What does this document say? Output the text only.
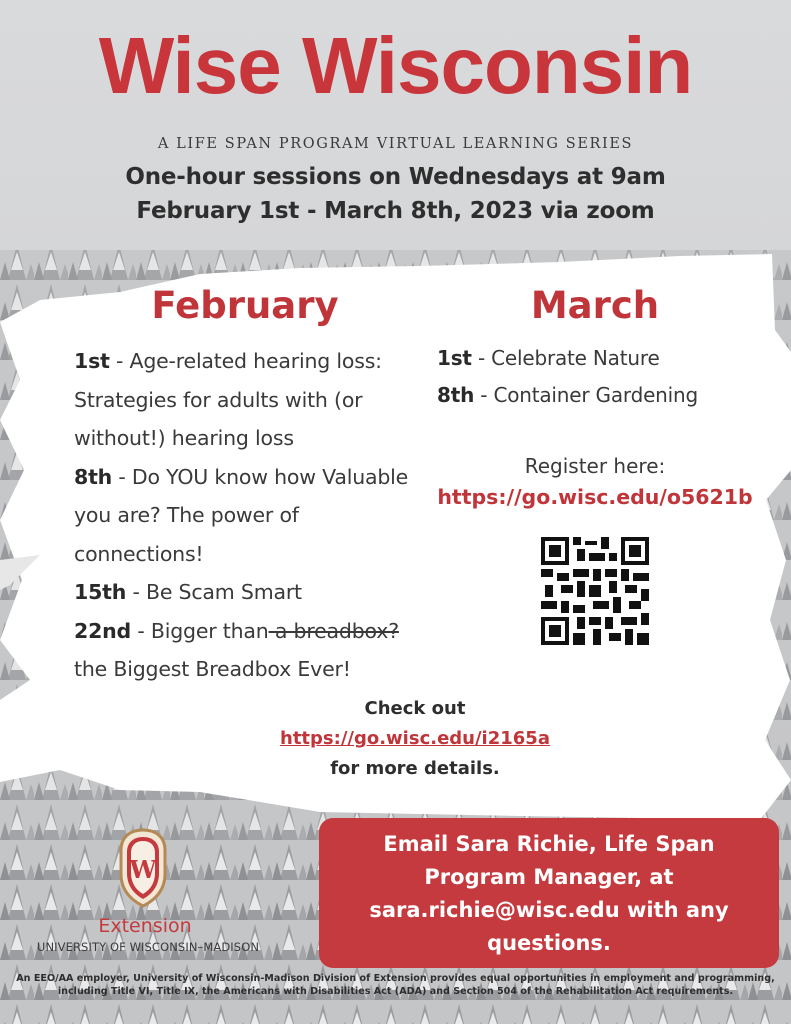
Wise Wisconsin
A LIFE SPAN PROGRAM VIRTUAL LEARNING SERIES
One-hour sessions on Wednesdays at 9am
February 1st - March 8th, 2023 via zoom
February	March
1st - Age-related hearing loss: Strategies for adults with (or without!) hearing loss
8th - Do YOU know how Valuable you are? The power of connections!
15th - Be Scam Smart
22nd - Bigger than a breadbox? the Biggest Breadbox Ever!
1st - Celebrate Nature
8th - Container Gardening
Register here:
https://go.wisc.edu/o5621b
Check out
https://go.wisc.edu/i2165a
for more details.
Email Sara Richie, Life Span Program Manager, at sara.richie@wisc.edu with any questions.
W
Extension
UNIVERSITY OF WISCONSIN–MADISON
An EEO/AA employer, University of Wisconsin-Madison Division of Extension provides equal opportunities in employment and programming, including Title VI, Title IX, the Americans with Disabilities Act (ADA) and Section 504 of the Rehabilitation Act requirements.
